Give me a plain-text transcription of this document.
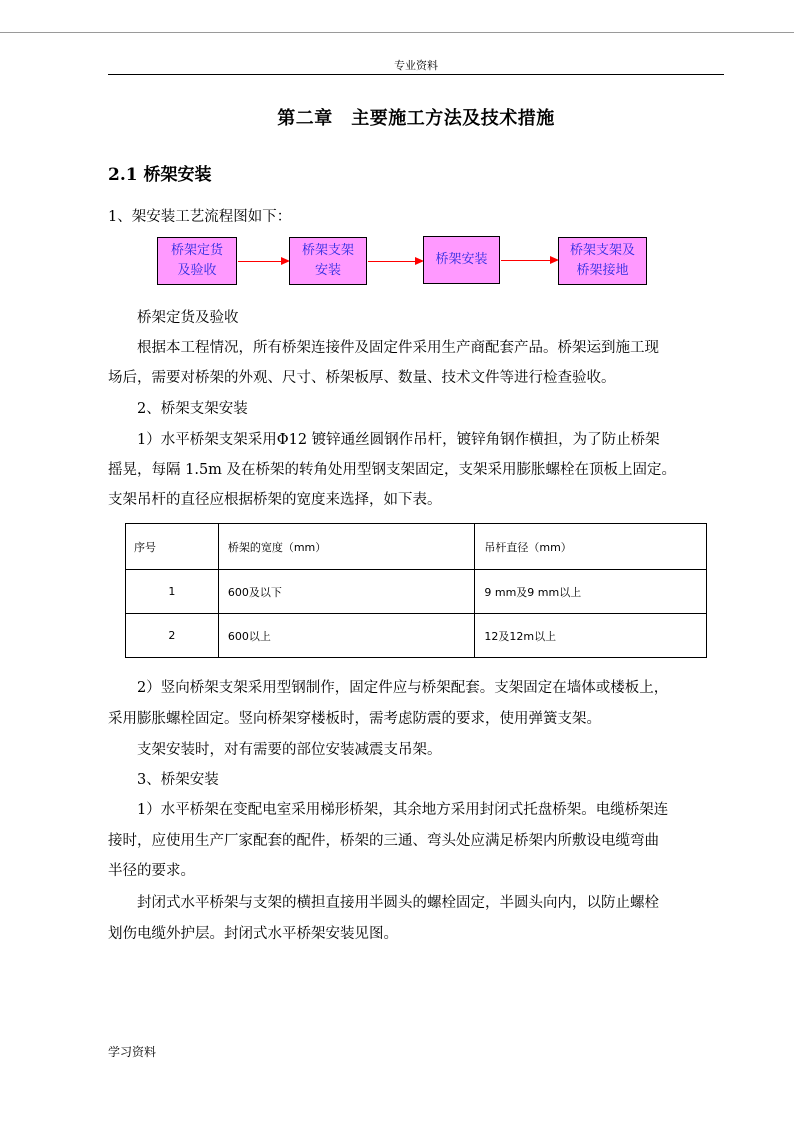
专业资料
第二章　主要施工方法及技术措施
2.1 桥架安装
1、架安装工艺流程图如下：
桥架定货
及验收
桥架支架
安装
桥架安装
桥架支架及
桥架接地
　　桥架定货及验收
　　根据本工程情况，所有桥架连接件及固定件采用生产商配套产品。桥架运到施工现
场后，需要对桥架的外观、尺寸、桥架板厚、数量、技术文件等进行检查验收。
　　2、桥架支架安装
　　1）水平桥架支架采用Φ12 镀锌通丝圆钢作吊杆，镀锌角钢作横担，为了防止桥架
摇晃，每隔 1.5m 及在桥架的转角处用型钢支架固定，支架采用膨胀螺栓在顶板上固定。
支架吊杆的直径应根据桥架的宽度来选择，如下表。
序号	桥架的宽度（mm）	吊杆直径（mm）
1	600及以下	9 mm及9 mm以上
2	600以上	12及12m以上
　　2）竖向桥架支架采用型钢制作，固定件应与桥架配套。支架固定在墙体或楼板上，
采用膨胀螺栓固定。竖向桥架穿楼板时，需考虑防震的要求，使用弹簧支架。
　　支架安装时，对有需要的部位安装减震支吊架。
　　3、桥架安装
　　1）水平桥架在变配电室采用梯形桥架，其余地方采用封闭式托盘桥架。电缆桥架连
接时，应使用生产厂家配套的配件，桥架的三通、弯头处应满足桥架内所敷设电缆弯曲
半径的要求。
　　封闭式水平桥架与支架的横担直接用半圆头的螺栓固定，半圆头向内，以防止螺栓
划伤电缆外护层。封闭式水平桥架安装见图。
学习资料
